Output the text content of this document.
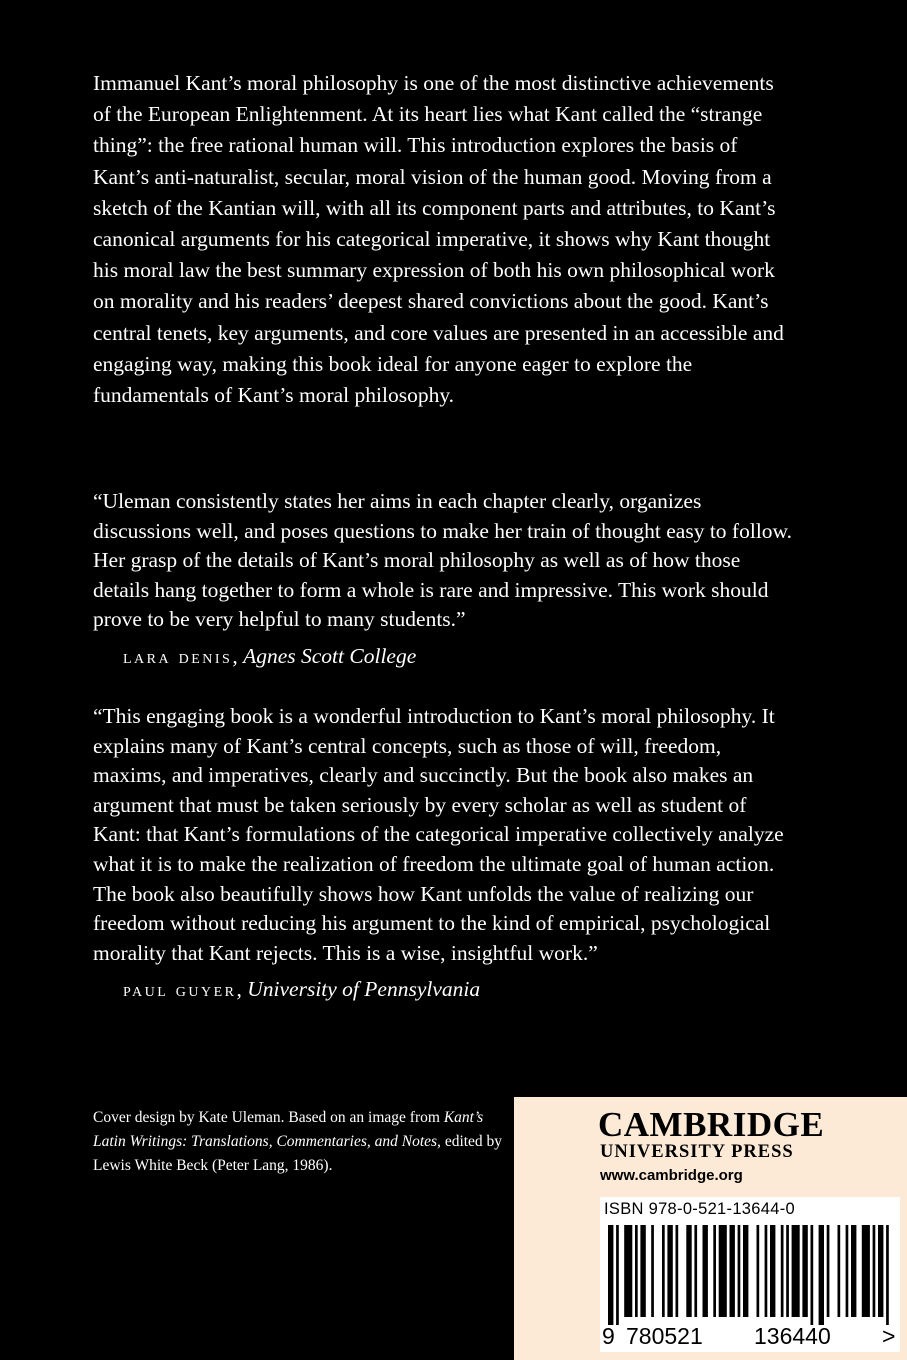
Immanuel Kant’s moral philosophy is one of the most distinctive achievements of the European Enlightenment. At its heart lies what Kant called the “strange thing”: the free rational human will. This introduction explores the basis of Kant’s anti-naturalist, secular, moral vision of the human good. Moving from a sketch of the Kantian will, with all its component parts and attributes, to Kant’s canonical arguments for his categorical imperative, it shows why Kant thought his moral law the best summary expression of both his own philosophical work on morality and his readers’ deepest shared convictions about the good. Kant’s central tenets, key arguments, and core values are presented in an accessible and engaging way, making this book ideal for anyone eager to explore the fundamentals of Kant’s moral philosophy.
“Uleman consistently states her aims in each chapter clearly, organizes discussions well, and poses questions to make her train of thought easy to follow. Her grasp of the details of Kant’s moral philosophy as well as of how those details hang together to form a whole is rare and impressive. This work should prove to be very helpful to many students.”
lara denis, Agnes Scott College
“This engaging book is a wonderful introduction to Kant’s moral philosophy. It explains many of Kant’s central concepts, such as those of will, freedom, maxims, and imperatives, clearly and succinctly. But the book also makes an argument that must be taken seriously by every scholar as well as student of Kant: that Kant’s formulations of the categorical imperative collectively analyze what it is to make the realization of freedom the ultimate goal of human action. The book also beautifully shows how Kant unfolds the value of realizing our freedom without reducing his argument to the kind of empirical, psychological morality that Kant rejects. This is a wise, insightful work.”
paul guyer, University of Pennsylvania
Cover design by Kate Uleman. Based on an image from Kant’s Latin Writings: Translations, Commentaries, and Notes, edited by Lewis White Beck (Peter Lang, 1986).
CAMBRIDGE
UNIVERSITY PRESS
www.cambridge.org
ISBN 978-0-521-13644-0
9 780521 136440 >
